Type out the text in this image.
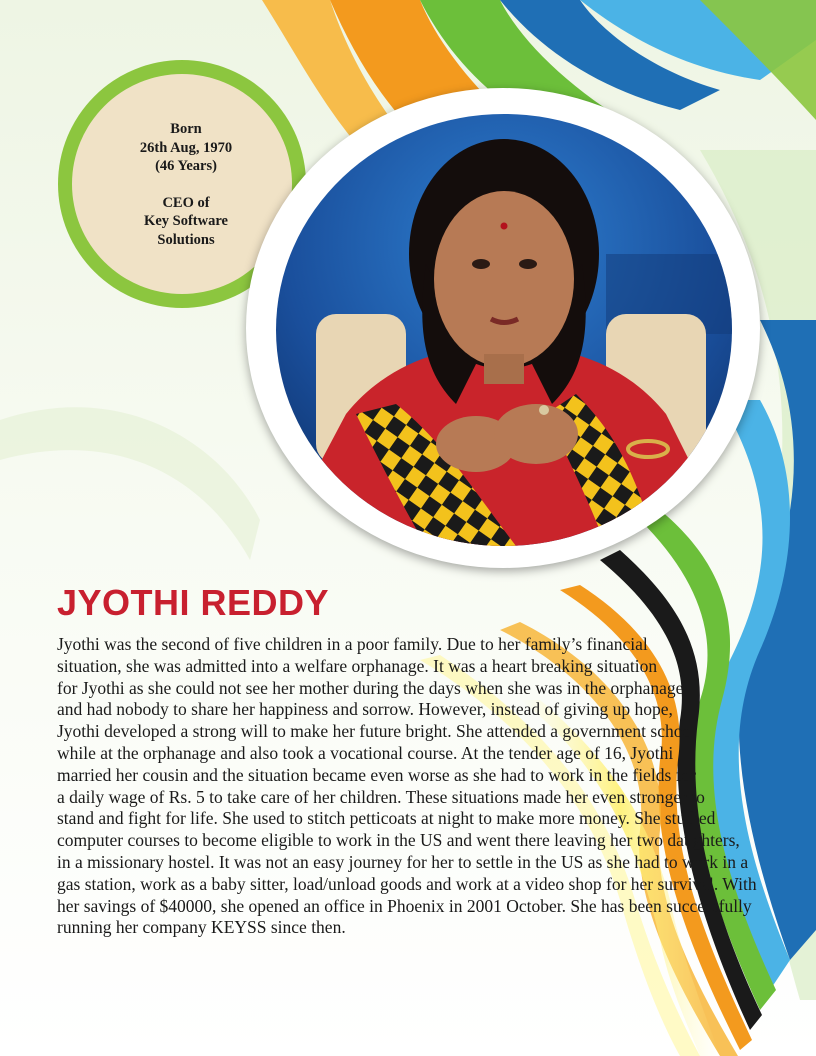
Born

26th Aug, 1970

(46 Years)

CEO of

Key Software

Solutions

JYOTHI REDDY

Jyothi was the second of five children in a poor family. Due to her family’s financial
situation, she was admitted into a welfare orphanage. It was a heart breaking situation
for Jyothi as she could not see her mother during the days when she was in the orphanage
and had nobody to share her happiness and sorrow. However, instead of giving up hope,
Jyothi developed a strong will to make her future bright. She attended a government school
while at the orphanage and also took a vocational course. At the tender age of 16, Jyothi
married her cousin and the situation became even worse as she had to work in the fields for
a daily wage of Rs. 5 to take care of her children. These situations made her even stronger to
stand and fight for life. She used to stitch petticoats at night to make more money. She studied
computer courses to become eligible to work in the US and went there leaving her two daughters,
in a missionary hostel. It was not an easy journey for her to settle in the US as she had to work in a
gas station, work as a baby sitter, load/unload goods and work at a video shop for her survival. With
her savings of $40000, she opened an office in Phoenix in 2001 October. She has been successfully
running her company KEYSS since then.
